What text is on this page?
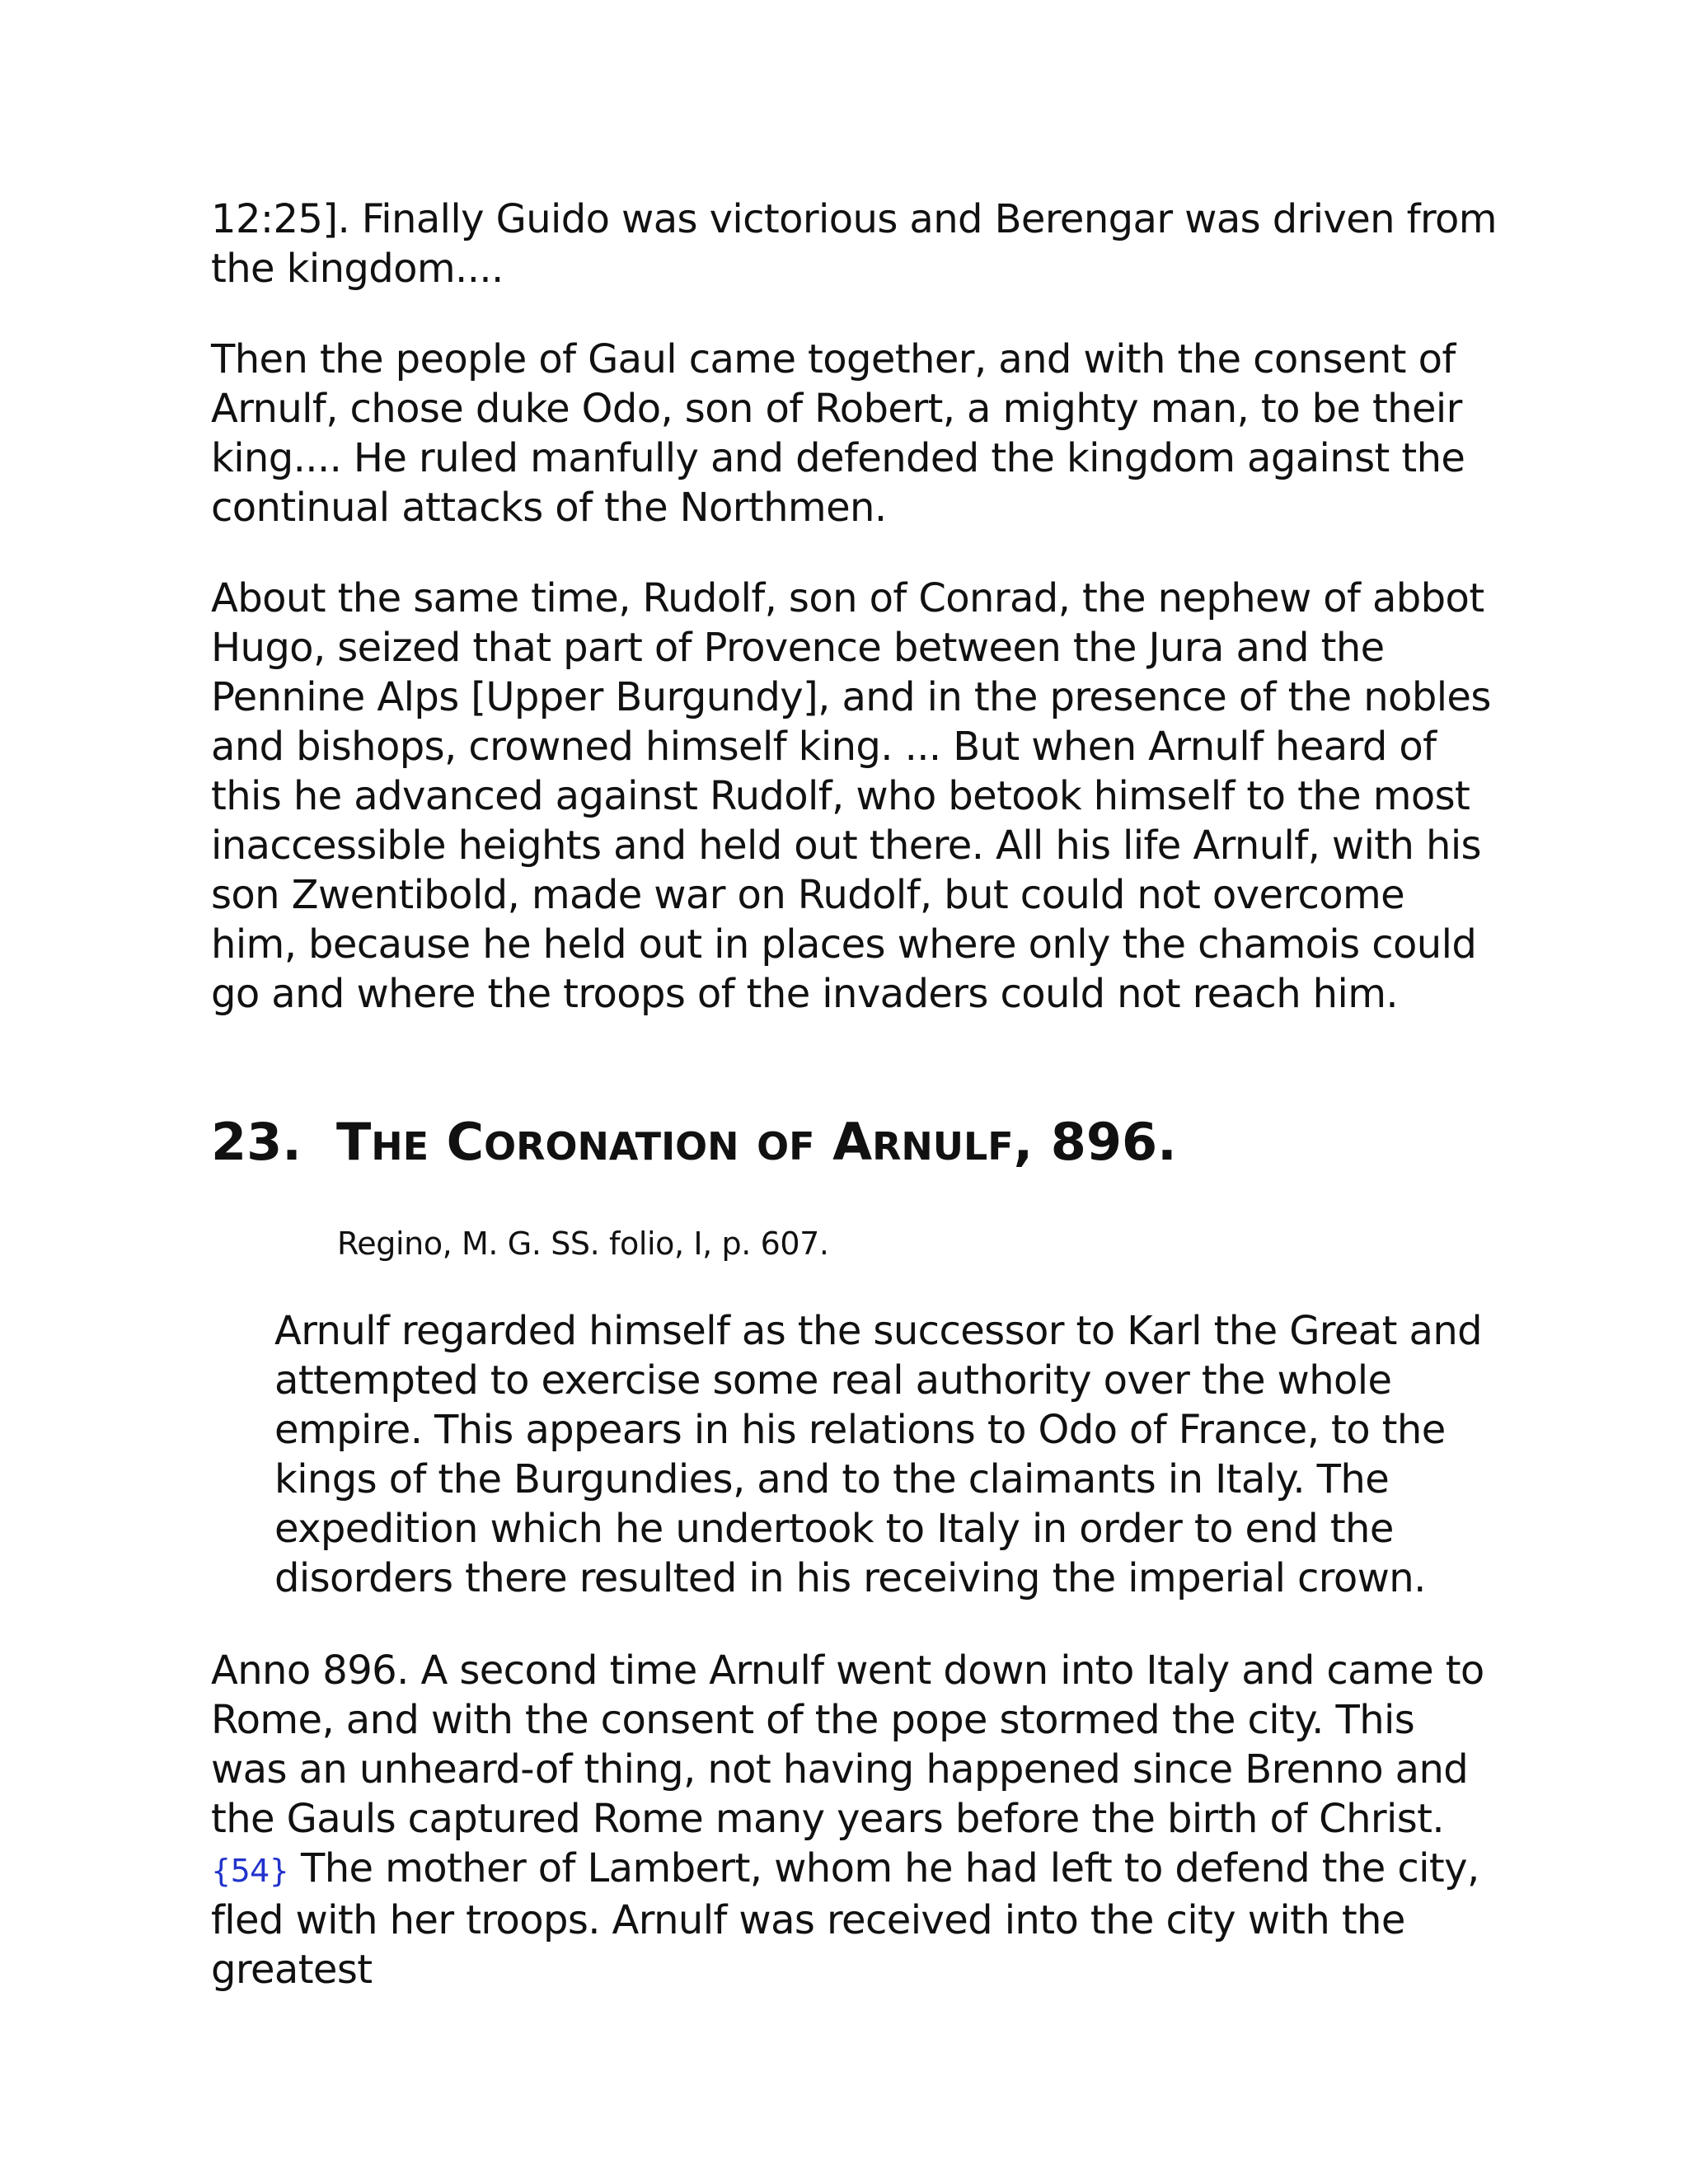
12:25]. Finally Guido was victorious and Berengar was driven from the kingdom....

Then the people of Gaul came together, and with the consent of Arnulf, chose duke Odo, son of Robert, a mighty man, to be their king.... He ruled manfully and defended the kingdom against the continual attacks of the Northmen.

About the same time, Rudolf, son of Conrad, the nephew of abbot Hugo, seized that part of Provence between the Jura and the Pennine Alps [Upper Burgundy], and in the presence of the nobles and bishops, crowned himself king. ... But when Arnulf heard of this he advanced against Rudolf, who betook himself to the most inaccessible heights and held out there. All his life Arnulf, with his son Zwentibold, made war on Rudolf, but could not overcome him, because he held out in places where only the chamois could go and where the troops of the invaders could not reach him.

23. THE CORONATION OF ARNULF, 896.
Regino, M. G. SS. folio, I, p. 607.
Arnulf regarded himself as the successor to Karl the Great and attempted to exercise some real authority over the whole empire. This appears in his relations to Odo of France, to the kings of the Burgundies, and to the claimants in Italy. The expedition which he undertook to Italy in order to end the disorders there resulted in his receiving the imperial crown.

Anno 896. A second time Arnulf went down into Italy and came to Rome, and with the consent of the pope stormed the city. This was an unheard-of thing, not having happened since Brenno and the Gauls captured Rome many years before the birth of Christ.{54} The mother of Lambert, whom he had left to defend the city, fled with her troops. Arnulf was received into the city with the greatest
